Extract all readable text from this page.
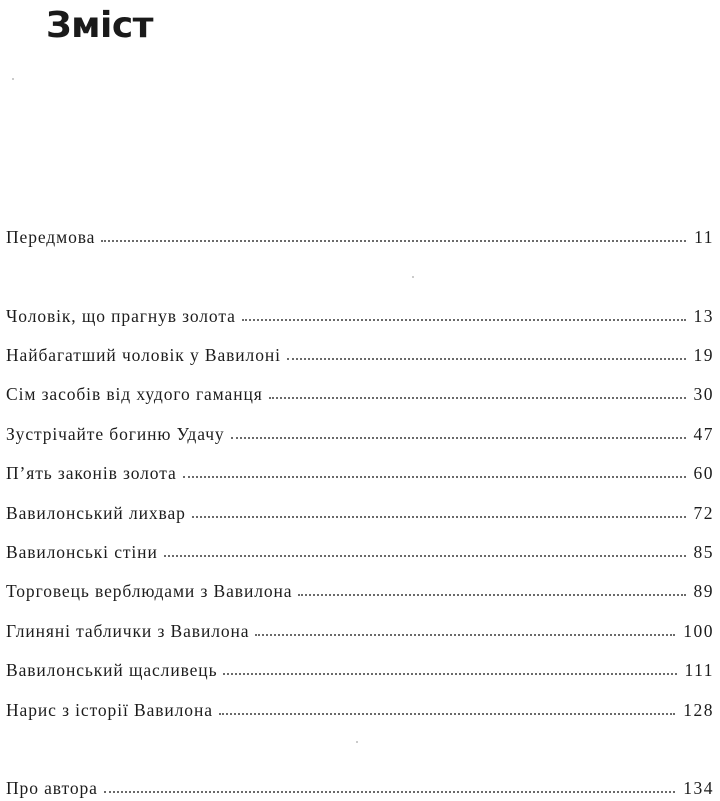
Зміст
Передмова	11
Чоловік, що прагнув золота	13
Найбагатший чоловік у Вавилоні	19
Сім засобів від худого гаманця	30
Зустрічайте богиню Удачу	47
П’ять законів золота	60
Вавилонський лихвар	72
Вавилонські стіни	85
Торговець верблюдами з Вавилона	89
Глиняні таблички з Вавилона	100
Вавилонський щасливець	111
Нарис з історії Вавилона	128
Про автора	134
